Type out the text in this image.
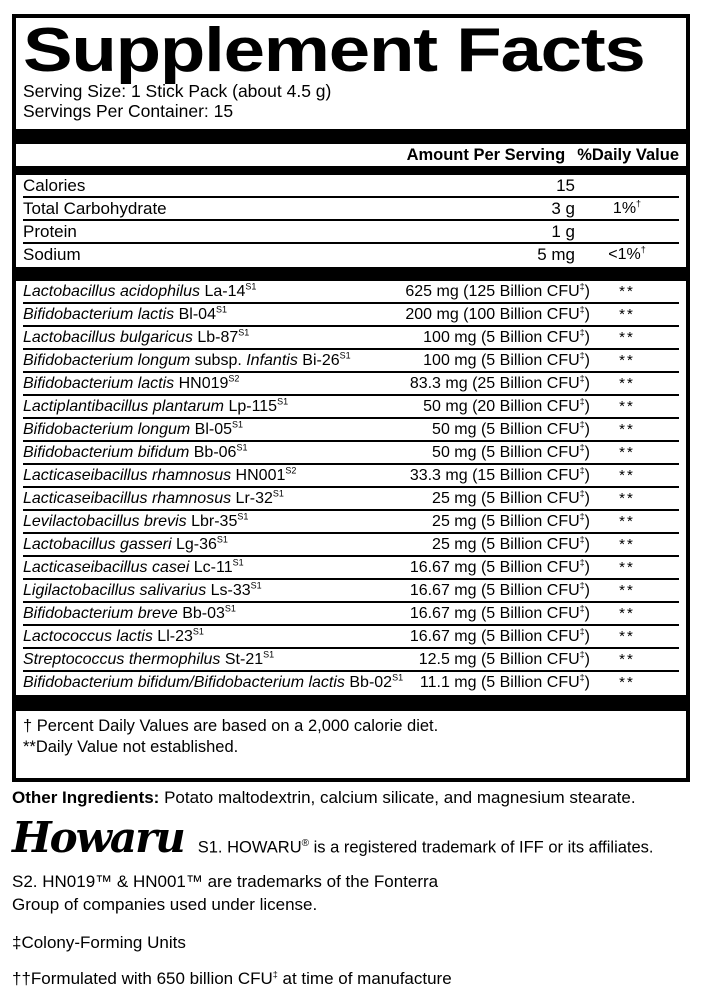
Supplement Facts
Serving Size: 1 Stick Pack (about 4.5 g)
Servings Per Container: 15
Amount Per Serving %Daily Value
Calories	15
Total Carbohydrate	3 g	1%†
Protein	1 g
Sodium	5 mg	<1%†
Lactobacillus acidophilus $La-14^{S1}$	625 mg (125 Billion CFU‡)	**
Bifidobacterium lactis $Bl-04^{S1}$	200 mg (100 Billion CFU‡)	**
Lactobacillus bulgaricus $Lb-87^{S1}$	100 mg (5 Billion CFU‡)	**
Bifidobacterium longum subsp. Infantis $Bi-26^{S1}$	100 mg (5 Billion CFU‡)	**
Bifidobacterium lactis $HN019^{S2}$	83.3 mg (25 Billion CFU‡)	**
Lactiplantibacillus plantarum $Lp-115^{S1}$	50 mg (20 Billion CFU‡)	**
Bifidobacterium longum $Bl-05^{S1}$	50 mg (5 Billion CFU‡)	**
Bifidobacterium bifidum $Bb-06^{S1}$	50 mg (5 Billion CFU‡)	**
Lacticaseibacillus rhamnosus $HN001^{S2}$	33.3 mg (15 Billion CFU‡)	**
Lacticaseibacillus rhamnosus $Lr-32^{S1}$	25 mg (5 Billion CFU‡)	**
Levilactobacillus brevis Lbr-$35^{S1}$	25 mg (5 Billion CFU‡)	**
Lactobacillus gasseri $Lg-36^{S1}$	25 mg (5 Billion CFU‡)	**
Lacticaseibacillus casei $Lc-11^{S1}$	16.67 mg (5 Billion CFU‡)	**
Ligilactobacillus salivarius $Ls-33^{S1}$	16.67 mg (5 Billion CFU‡)	**
Bifidobacterium breve $Bb-03^{S1}$	16.67 mg (5 Billion CFU‡)	**
Lactococcus lactis $Ll-23^{S1}$	16.67 mg (5 Billion CFU‡)	**
Streptococcus thermophilus $St-21^{S1}$	12.5 mg (5 Billion CFU‡)	**
Bifidobacterium bifidum/Bifidobacterium lactis $Bb-02^{S1}$ 11.1 mg (5 Billion CFU‡)	**
† Percent Daily Values are based on a 2,000 calorie diet.
**Daily Value not established.
Other Ingredients: Potato maltodextrin, calcium silicate, and magnesium stearate.
Howaru S1. HOWARU® is a registered trademark of IFF or its affiliates.
S2. HN019™ & HN001™ are trademarks of the Fonterra
Group of companies used under license.
‡Colony-Forming Units
††Formulated with 650 billion CFU‡ at time of manufacture
